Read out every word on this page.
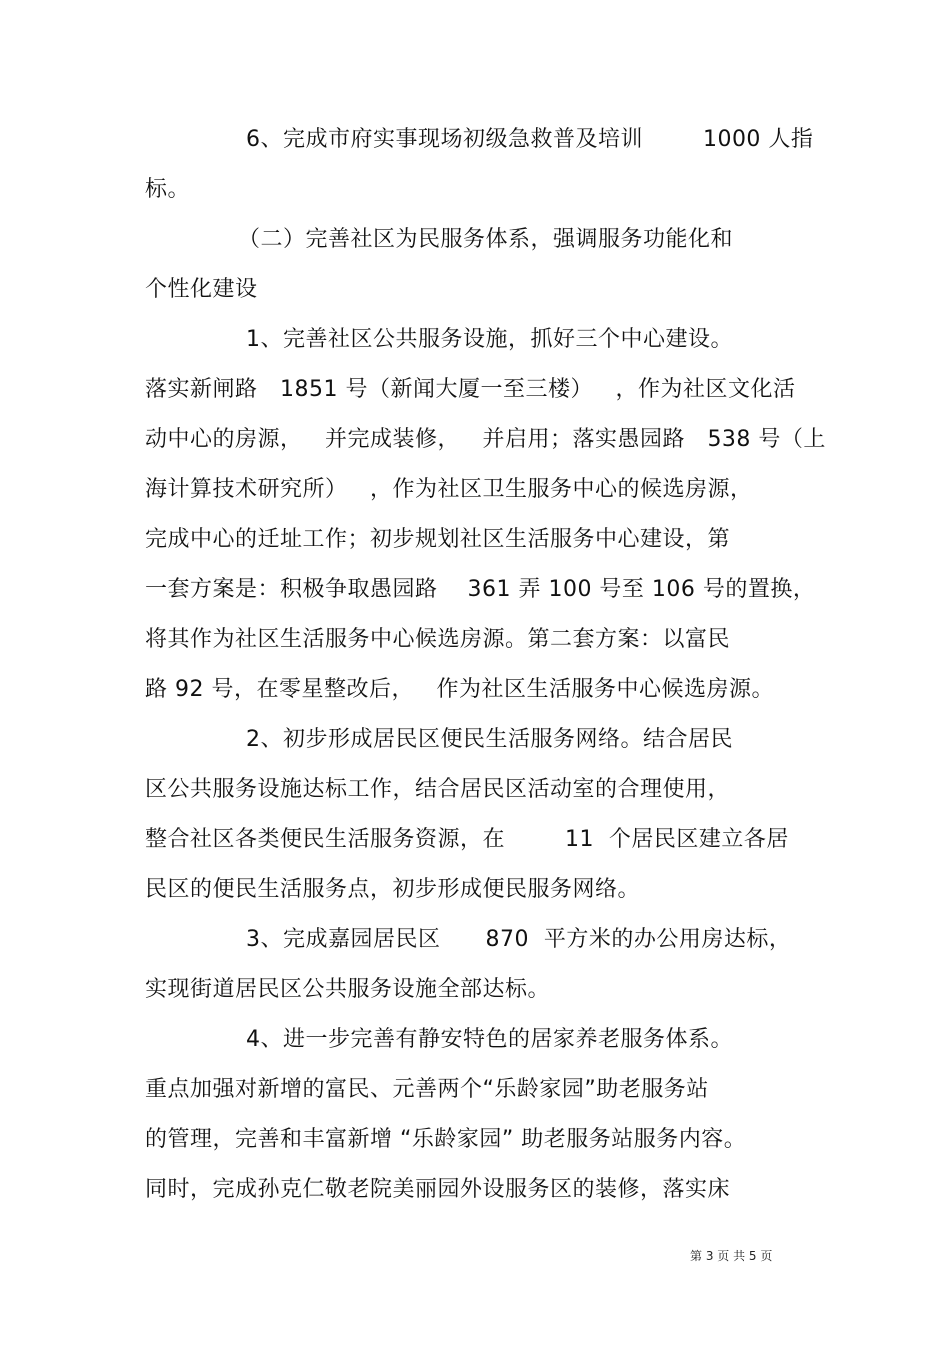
6、完成市府实事现场初级急救普及培训        1000 人指
标。
（二）完善社区为民服务体系，强调服务功能化和
个性化建设
1、完善社区公共服务设施，抓好三个中心建设。
落实新闸路   1851 号（新闻大厦一至三楼）   ，作为社区文化活
动中心的房源，   并完成装修，   并启用；落实愚园路   538 号（上
海计算技术研究所）   ，作为社区卫生服务中心的候选房源，
完成中心的迁址工作；初步规划社区生活服务中心建设，第
一套方案是：积极争取愚园路    361 弄 100 号至 106 号的置换，
将其作为社区生活服务中心候选房源。第二套方案：以富民
路 92 号，在零星整改后，   作为社区生活服务中心候选房源。
2、初步形成居民区便民生活服务网络。结合居民
区公共服务设施达标工作，结合居民区活动室的合理使用，
整合社区各类便民生活服务资源，在        11  个居民区建立各居
民区的便民生活服务点，初步形成便民服务网络。
3、完成嘉园居民区      870  平方米的办公用房达标，
实现街道居民区公共服务设施全部达标。
4、进一步完善有静安特色的居家养老服务体系。
重点加强对新增的富民、元善两个“乐龄家园”助老服务站
的管理，完善和丰富新增 “乐龄家园” 助老服务站服务内容。
同时，完成孙克仁敬老院美丽园外设服务区的装修，落实床
第 3 页 共 5 页
